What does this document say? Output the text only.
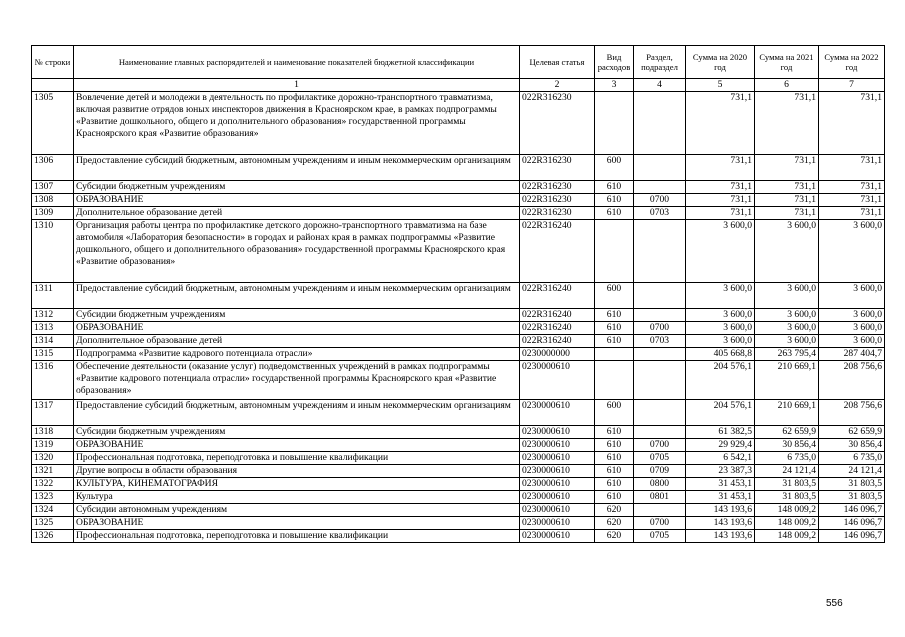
№ строки	Наименование главных распорядителей и наименование показателей бюджетной классификации	Целевая статья	Вид расходов	Раздел, подраздел	Сумма на 2020 год	Сумма на 2021 год	Сумма на 2022 год
	1	2	3	4	5	6	7
1305	Вовлечение детей и молодежи в деятельность по профилактике дорожно-транспортного травматизма, включая развитие отрядов юных инспекторов движения в Красноярском крае, в рамках подпрограммы «Развитие дошкольного, общего и дополнительного образования» государственной программы Красноярского края «Развитие образования»	022R316230			731,1	731,1	731,1
1306	Предоставление субсидий бюджетным, автономным учреждениям и иным некоммерческим организациям	022R316230	600		731,1	731,1	731,1
1307	Субсидии бюджетным учреждениям	022R316230	610		731,1	731,1	731,1
1308	ОБРАЗОВАНИЕ	022R316230	610	0700	731,1	731,1	731,1
1309	Дополнительное образование детей	022R316230	610	0703	731,1	731,1	731,1
1310	Организация работы центра по профилактике детского дорожно-транспортного травматизма на базе автомобиля «Лаборатория безопасности» в городах и районах края в рамках подпрограммы «Развитие дошкольного, общего и дополнительного образования» государственной программы Красноярского края «Развитие образования»	022R316240			3 600,0	3 600,0	3 600,0
1311	Предоставление субсидий бюджетным, автономным учреждениям и иным некоммерческим организациям	022R316240	600		3 600,0	3 600,0	3 600,0
1312	Субсидии бюджетным учреждениям	022R316240	610		3 600,0	3 600,0	3 600,0
1313	ОБРАЗОВАНИЕ	022R316240	610	0700	3 600,0	3 600,0	3 600,0
1314	Дополнительное образование детей	022R316240	610	0703	3 600,0	3 600,0	3 600,0
1315	Подпрограмма «Развитие кадрового потенциала отрасли»	0230000000			405 668,8	263 795,4	287 404,7
1316	Обеспечение деятельности (оказание услуг) подведомственных учреждений в рамках подпрограммы «Развитие кадрового потенциала отрасли» государственной программы Красноярского края «Развитие образования»	0230000610			204 576,1	210 669,1	208 756,6
1317	Предоставление субсидий бюджетным, автономным учреждениям и иным некоммерческим организациям	0230000610	600		204 576,1	210 669,1	208 756,6
1318	Субсидии бюджетным учреждениям	0230000610	610		61 382,5	62 659,9	62 659,9
1319	ОБРАЗОВАНИЕ	0230000610	610	0700	29 929,4	30 856,4	30 856,4
1320	Профессиональная подготовка, переподготовка и повышение квалификации	0230000610	610	0705	6 542,1	6 735,0	6 735,0
1321	Другие вопросы в области образования	0230000610	610	0709	23 387,3	24 121,4	24 121,4
1322	КУЛЬТУРА, КИНЕМАТОГРАФИЯ	0230000610	610	0800	31 453,1	31 803,5	31 803,5
1323	Культура	0230000610	610	0801	31 453,1	31 803,5	31 803,5
1324	Субсидии автономным учреждениям	0230000610	620		143 193,6	148 009,2	146 096,7
1325	ОБРАЗОВАНИЕ	0230000610	620	0700	143 193,6	148 009,2	146 096,7
1326	Профессиональная подготовка, переподготовка и повышение квалификации	0230000610	620	0705	143 193,6	148 009,2	146 096,7
556
